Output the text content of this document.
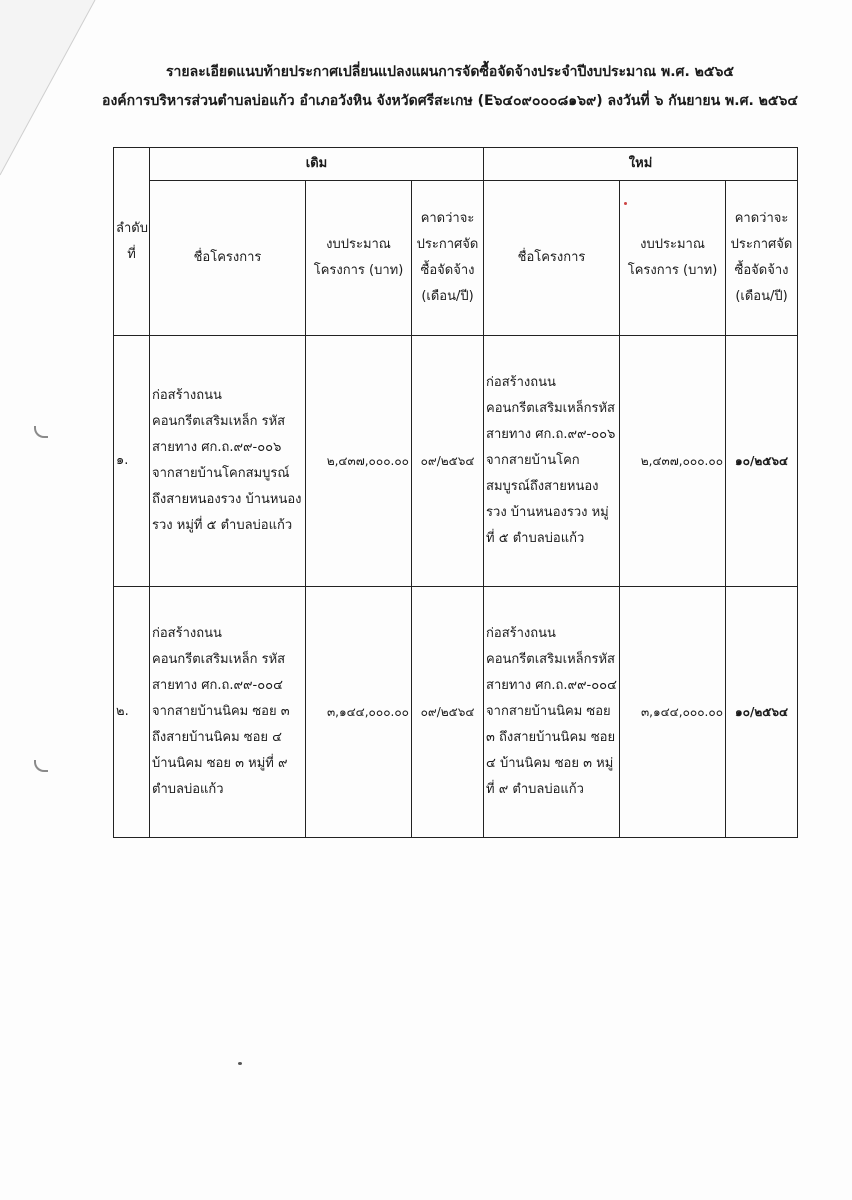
รายละเอียดแนบท้ายประกาศเปลี่ยนแปลงแผนการจัดซื้อจัดจ้างประจำปีงบประมาณ พ.ศ. ๒๕๖๕
องค์การบริหารส่วนตำบลบ่อแก้ว อำเภอวังหิน จังหวัดศรีสะเกษ (E๖๔๐๙๐๐๐๘๑๖๙) ลงวันที่ ๖ กันยายน พ.ศ. ๒๕๖๔
ลำดับที่	เดิม			ใหม่		
	ชื่อโครงการ	งบประมาณโครงการ (บาท)	คาดว่าจะประกาศจัดซื้อจัดจ้าง (เดือน/ปี)	ชื่อโครงการ	งบประมาณโครงการ (บาท)	คาดว่าจะประกาศจัดซื้อจัดจ้าง (เดือน/ปี)
๑.	ก่อสร้างถนนคอนกรีตเสริมเหล็ก รหัสสายทาง ศก.ถ.๙๙-๐๐๖ จากสายบ้านโคกสมบูรณ์ถึงสายหนองรวง บ้านหนองรวง หมู่ที่ ๕ ตำบลบ่อแก้ว	๒,๔๓๗,๐๐๐.๐๐	๐๙/๒๕๖๔	ก่อสร้างถนนคอนกรีตเสริมเหล็กรหัสสายทาง ศก.ถ.๙๙-๐๐๖ จากสายบ้านโคกสมบูรณ์ถึงสายหนองรวง บ้านหนองรวง หมู่ที่ ๕ ตำบลบ่อแก้ว	๒,๔๓๗,๐๐๐.๐๐	๑๐/๒๕๖๔
๒.	ก่อสร้างถนนคอนกรีตเสริมเหล็ก รหัสสายทาง ศก.ถ.๙๙-๐๐๔ จากสายบ้านนิคม ซอย ๓ ถึงสายบ้านนิคม ซอย ๔ บ้านนิคม ซอย ๓ หมู่ที่ ๙ ตำบลบ่อแก้ว	๓,๑๔๔,๐๐๐.๐๐	๐๙/๒๕๖๔	ก่อสร้างถนนคอนกรีตเสริมเหล็กรหัสสายทาง ศก.ถ.๙๙-๐๐๔ จากสายบ้านนิคม ซอย ๓ ถึงสายบ้านนิคม ซอย ๔ บ้านนิคม ซอย ๓ หมู่ที่ ๙ ตำบลบ่อแก้ว	๓,๑๔๔,๐๐๐.๐๐	๑๐/๒๕๖๔
